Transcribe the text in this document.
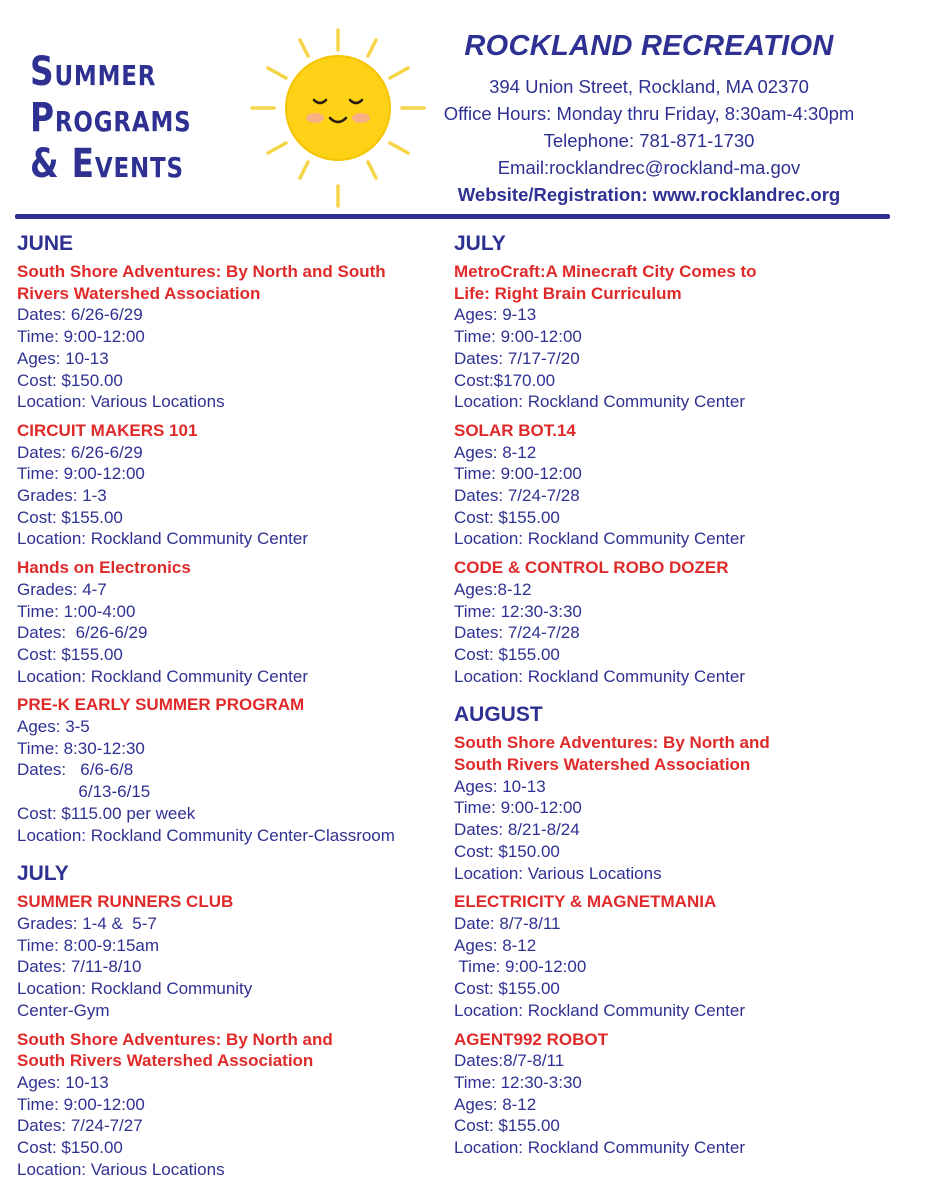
Summer
Programs
& Events
ROCKLAND RECREATION
394 Union Street, Rockland, MA 02370
Office Hours: Monday thru Friday, 8:30am-4:30pm
Telephone: 781-871-1730
Email:rocklandrec@rockland-ma.gov
Website/Registration: www.rocklandrec.org
JUNE
South Shore Adventures: By North and South
Rivers Watershed Association
Dates: 6/26-6/29
Time: 9:00-12:00
Ages: 10-13
Cost: $150.00
Location: Various Locations
CIRCUIT MAKERS 101
Dates: 6/26-6/29
Time: 9:00-12:00
Grades: 1-3
Cost: $155.00
Location: Rockland Community Center
Hands on Electronics
Grades: 4-7
Time: 1:00-4:00
Dates:  6/26-6/29
Cost: $155.00
Location: Rockland Community Center
PRE-K EARLY SUMMER PROGRAM
Ages: 3-5
Time: 8:30-12:30
Dates:   6/6-6/8
6/13-6/15
Cost: $115.00 per week
Location: Rockland Community Center-Classroom
JULY
SUMMER RUNNERS CLUB
Grades: 1-4 &  5-7
Time: 8:00-9:15am
Dates: 7/11-8/10
Location: Rockland Community
Center-Gym
South Shore Adventures: By North and
South Rivers Watershed Association
Ages: 10-13
Time: 9:00-12:00
Dates: 7/24-7/27
Cost: $150.00
Location: Various Locations
JULY
MetroCraft:A Minecraft City Comes to
Life: Right Brain Curriculum
Ages: 9-13
Time: 9:00-12:00
Dates: 7/17-7/20
Cost:$170.00
Location: Rockland Community Center
SOLAR BOT.14
Ages: 8-12
Time: 9:00-12:00
Dates: 7/24-7/28
Cost: $155.00
Location: Rockland Community Center
CODE & CONTROL ROBO DOZER
Ages:8-12
Time: 12:30-3:30
Dates: 7/24-7/28
Cost: $155.00
Location: Rockland Community Center
AUGUST
South Shore Adventures: By North and
South Rivers Watershed Association
Ages: 10-13
Time: 9:00-12:00
Dates: 8/21-8/24
Cost: $150.00
Location: Various Locations
ELECTRICITY & MAGNETMANIA
Date: 8/7-8/11
Ages: 8-12
Time: 9:00-12:00
Cost: $155.00
Location: Rockland Community Center
AGENT992 ROBOT
Dates:8/7-8/11
Time: 12:30-3:30
Ages: 8-12
Cost: $155.00
Location: Rockland Community Center
